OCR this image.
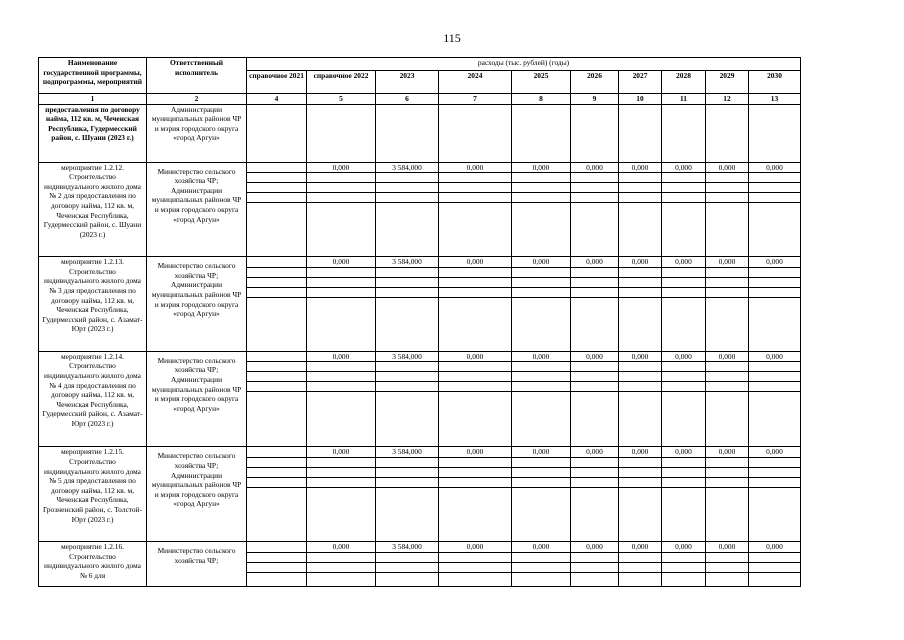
115
Наименование государственной программы, подпрограммы, мероприятий	Ответственный исполнитель	расходы (тыс. рублей) (годы)									
		справочное 2021	справочное 2022	2023	2024	2025	2026	2027	2028	2029	2030
1	2	4	5	6	7	8	9	10	11	12	13
предоставления по договору найма, 112 кв. м, Чеченская Республика, Гудермесский район, с. Шуани (2023 г.)	Администрации муниципальных районов ЧР и мэрия городского округа «город Аргун»										
мероприятие 1.2.12. Строительство индивидуального жилого дома № 2 для предоставления по договору найма, 112 кв. м, Чеченская Республика, Гудермесский район, с. Шуани (2023 г.)	Министерство сельского хозяйства ЧР; Администрации муниципальных районов ЧР и мэрия городского округа «город Аргун»		0,000	3 584,000	0,000	0,000	0,000	0,000	0,000	0,000	0,000

мероприятие 1.2.13. Строительство индивидуального жилого дома № 3 для предоставления по договору найма, 112 кв. м, Чеченская Республика, Гудермесский район, с. Азамат-Юрт (2023 г.)	Министерство сельского хозяйства ЧР; Администрации муниципальных районов ЧР и мэрия городского округа «город Аргун»		0,000	3 584,000	0,000	0,000	0,000	0,000	0,000	0,000	0,000

мероприятие 1.2.14. Строительство индивидуального жилого дома № 4 для предоставления по договору найма, 112 кв. м, Чеченская Республика, Гудермесский район, с. Азамат-Юрт (2023 г.)	Министерство сельского хозяйства ЧР; Администрации муниципальных районов ЧР и мэрия городского округа «город Аргун»		0,000	3 584,000	0,000	0,000	0,000	0,000	0,000	0,000	0,000

мероприятие 1.2.15. Строительство индивидуального жилого дома № 5 для предоставления по договору найма, 112 кв. м, Чеченская Республика, Грозненский район, с. Толстой-Юрт (2023 г.)	Министерство сельского хозяйства ЧР; Администрации муниципальных районов ЧР и мэрия городского округа «город Аргун»		0,000	3 584,000	0,000	0,000	0,000	0,000	0,000	0,000	0,000

мероприятие 1.2.16. Строительство индивидуального жилого дома № 6 для	Министерство сельского хозяйства ЧР;		0,000	3 584,000	0,000	0,000	0,000	0,000	0,000	0,000	0,000
